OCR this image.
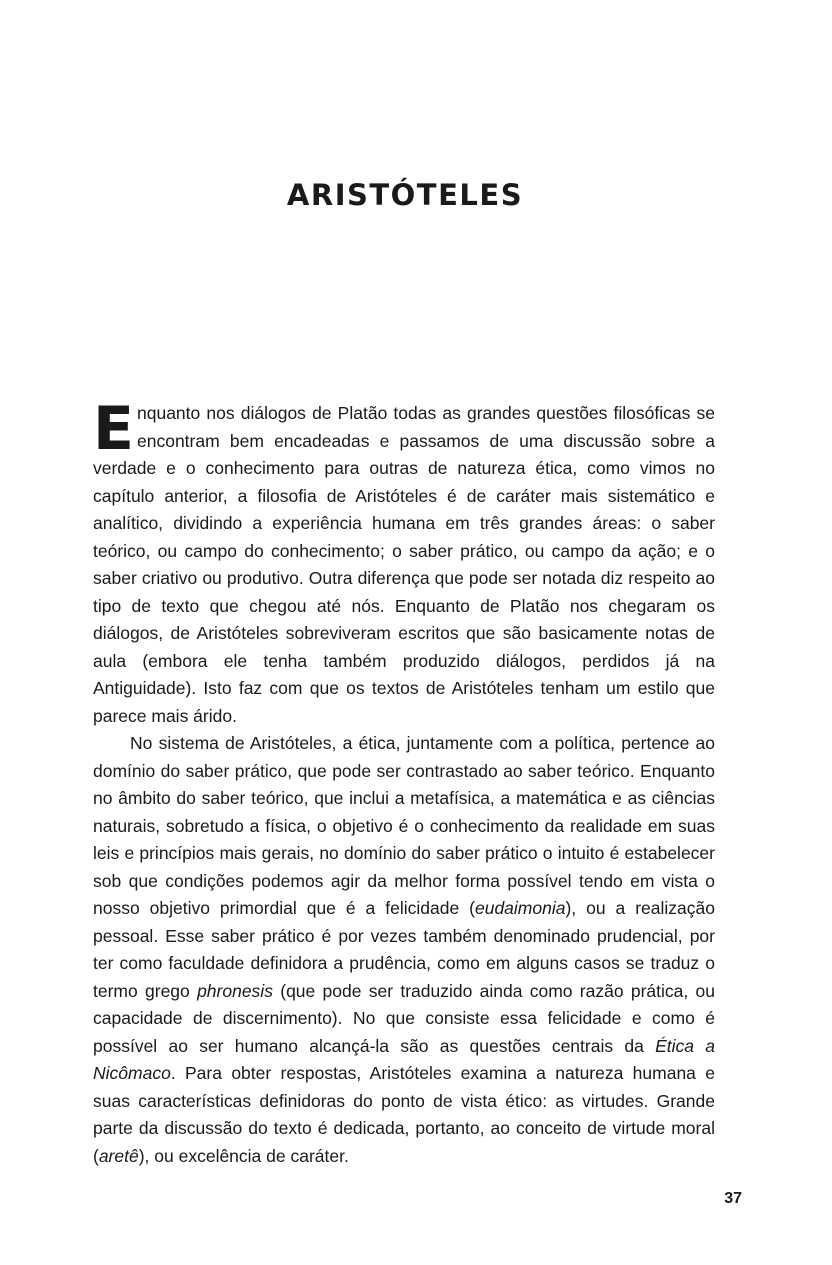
ARISTÓTELES

Enquanto nos diálogos de Platão todas as grandes questões filosóficas se encontram bem encadeadas e passamos de uma discussão sobre a verdade e o conhecimento para outras de natureza ética, como vimos no capítulo anterior, a filosofia de Aristóteles é de caráter mais sistemático e analítico, dividindo a experiência humana em três grandes áreas: o saber teórico, ou campo do conhecimento; o saber prático, ou campo da ação; e o saber criativo ou produtivo. Outra diferença que pode ser notada diz respeito ao tipo de texto que chegou até nós. Enquanto de Platão nos chegaram os diálogos, de Aristóteles sobreviveram escritos que são basicamente notas de aula (embora ele tenha também produzido diálogos, perdidos já na Antiguidade). Isto faz com que os textos de Aristóteles tenham um estilo que parece mais árido.

No sistema de Aristóteles, a ética, juntamente com a política, pertence ao domínio do saber prático, que pode ser contrastado ao saber teórico. Enquanto no âmbito do saber teórico, que inclui a metafísica, a matemática e as ciências naturais, sobretudo a física, o objetivo é o conhecimento da realidade em suas leis e princípios mais gerais, no domínio do saber prático o intuito é estabelecer sob que condições podemos agir da melhor forma possível tendo em vista o nosso objetivo primordial que é a felicidade (eudaimonia), ou a realização pessoal. Esse saber prático é por vezes também denominado prudencial, por ter como faculdade definidora a prudência, como em alguns casos se traduz o termo grego phronesis (que pode ser traduzido ainda como razão prática, ou capacidade de discernimento). No que consiste essa felicidade e como é possível ao ser humano alcançá-la são as questões centrais da Ética a Nicômaco. Para obter respostas, Aristóteles examina a natureza humana e suas características definidoras do ponto de vista ético: as virtudes. Grande parte da discussão do texto é dedicada, portanto, ao conceito de virtude moral (aretê), ou excelência de caráter.

37
